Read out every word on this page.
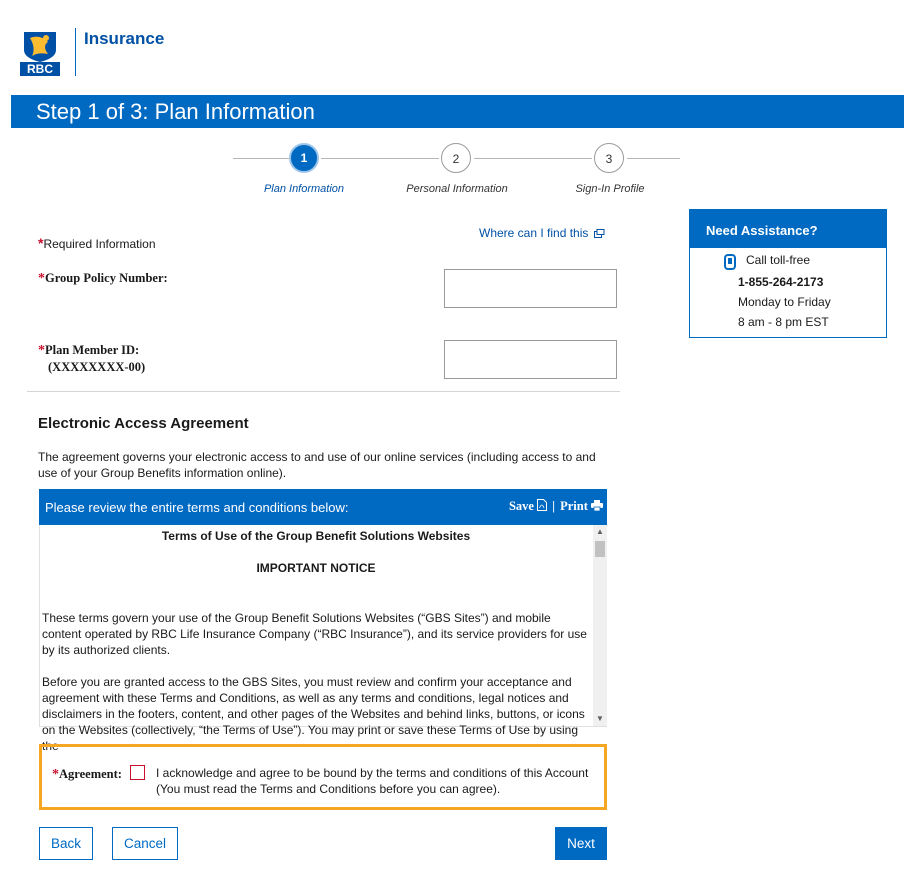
RBC
Insurance
Step 1 of 3: Plan Information
1	2	3
Plan Information	Personal Information	Sign-In Profile
*Required Information
Where can I find this
*Group Policy Number:
*Plan Member ID:
(XXXXXXXX-00)
Need Assistance?
Call toll-free
1-855-264-2173
Monday to Friday
8 am - 8 pm EST
Electronic Access Agreement
The agreement governs your electronic access to and use of our online services (including access to and use of your Group Benefits information online).
Please review the entire terms and conditions below:	Save | Print
Terms of Use of the Group Benefit Solutions Websites
IMPORTANT NOTICE
These terms govern your use of the Group Benefit Solutions Websites (“GBS Sites”) and mobile content operated by RBC Life Insurance Company (“RBC Insurance”), and its service providers for use by its authorized clients.
Before you are granted access to the GBS Sites, you must review and confirm your acceptance and agreement with these Terms and Conditions, as well as any terms and conditions, legal notices and disclaimers in the footers, content, and other pages of the Websites and behind links, buttons, or icons on the Websites (collectively, “the Terms of Use”). You may print or save these Terms of Use by using the
▲
▼
*Agreement:	I acknowledge and agree to be bound by the terms and conditions of this Account
(You must read the Terms and Conditions before you can agree).
Back	Cancel	Next
